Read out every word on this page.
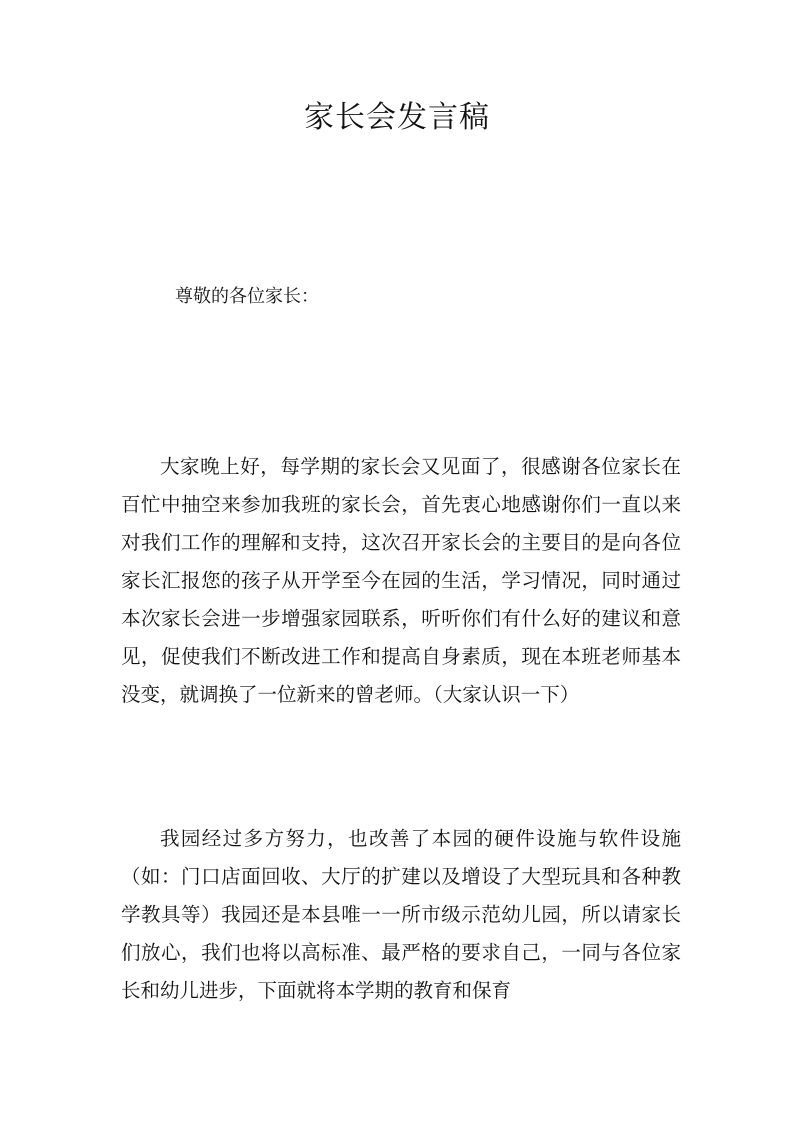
家长会发言稿
尊敬的各位家长：

大家晚上好，每学期的家长会又见面了，很感谢各位家长在百忙中抽空来参加我班的家长会，首先衷心地感谢你们一直以来对我们工作的理解和支持，这次召开家长会的主要目的是向各位家长汇报您的孩子从开学至今在园的生活，学习情况，同时通过本次家长会进一步增强家园联系，听听你们有什么好的建议和意见，促使我们不断改进工作和提高自身素质，现在本班老师基本没变，就调换了一位新来的曾老师。（大家认识一下）

我园经过多方努力，也改善了本园的硬件设施与软件设施（如：门口店面回收、大厅的扩建以及增设了大型玩具和各种教学教具等）我园还是本县唯一一所市级示范幼儿园，所以请家长们放心，我们也将以高标准、最严格的要求自己，一同与各位家长和幼儿进步，下面就将本学期的教育和保育
